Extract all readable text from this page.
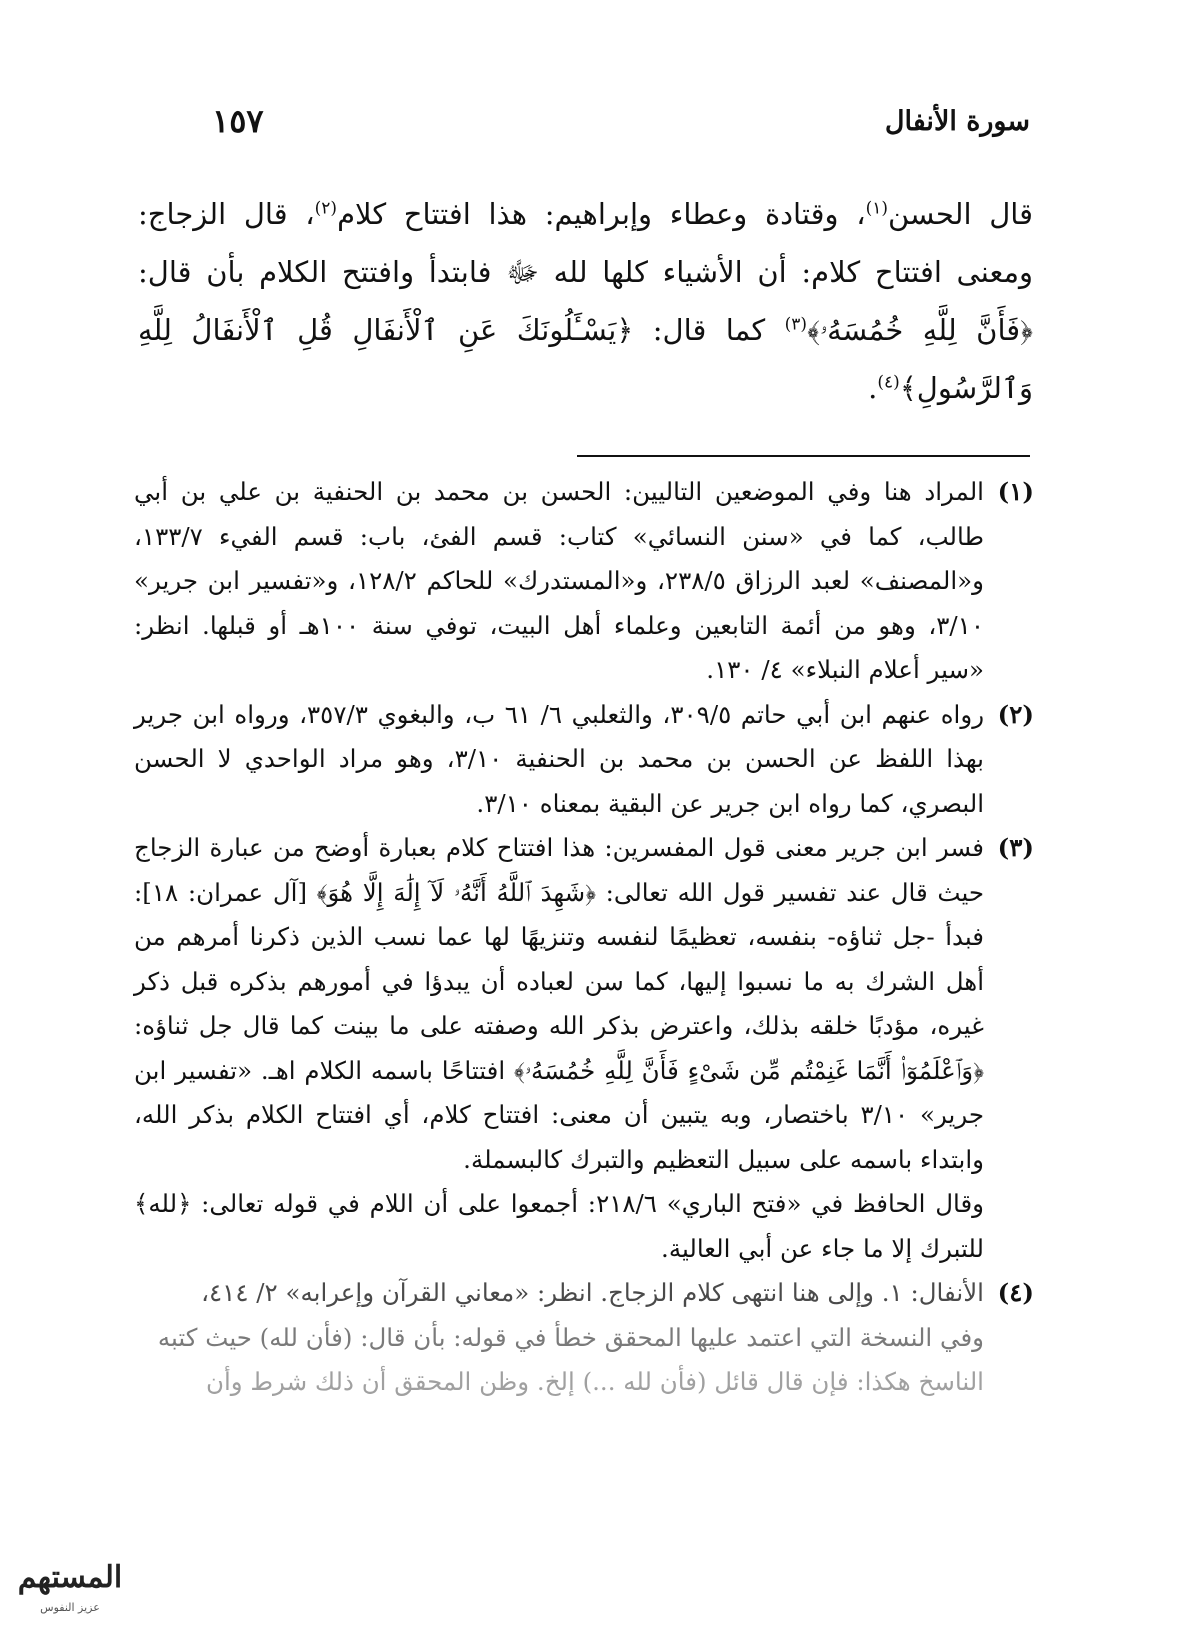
سورة الأنفال
١٥٧

قال الحسن$^{(١)}$، وقتادة وعطاء وإبراهيم: هذا افتتاح كلام$^{(٢)}$، قال الزجاج: ومعنى افتتاح كلام: أن الأشياء كلها لله ﷻ فابتدأ وافتتح الكلام بأن قال: ﴿فَأَنَّ لِلَّهِ خُمُسَهُۥ﴾$^{(٣)}$ كما قال: ﴿يَسْـَٔلُونَكَ عَنِ ٱلْأَنفَالِ قُلِ ٱلْأَنفَالُ لِلَّهِ وَٱلرَّسُولِ﴾$^{(٤)}$.

(١)

المراد هنا وفي الموضعين التاليين: الحسن بن محمد بن الحنفية بن علي بن أبي طالب، كما في «سنن النسائي» كتاب: قسم الفئ، باب: قسم الفيء ١٣٣/٧، و«المصنف» لعبد الرزاق ٢٣٨/٥، و«المستدرك» للحاكم ١٢٨/٢، و«تفسير ابن جرير» ٣/١٠، وهو من أئمة التابعين وعلماء أهل البيت، توفي سنة ١٠٠هـ أو قبلها. انظر: «سير أعلام النبلاء» ٤/ ١٣٠.

(٢)

رواه عنهم ابن أبي حاتم ٣٠٩/٥، والثعلبي ٦/ ٦١ ب، والبغوي ٣٥٧/٣، ورواه ابن جرير بهذا اللفظ عن الحسن بن محمد بن الحنفية ٣/١٠، وهو مراد الواحدي لا الحسن البصري، كما رواه ابن جرير عن البقية بمعناه ٣/١٠.

(٣)

فسر ابن جرير معنى قول المفسرين: هذا افتتاح كلام بعبارة أوضح من عبارة الزجاج حيث قال عند تفسير قول الله تعالى: ﴿شَهِدَ ٱللَّهُ أَنَّهُۥ لَآ إِلَٰهَ إِلَّا هُوَ﴾ [آل عمران: ١٨]: فبدأ -جل ثناؤه- بنفسه، تعظيمًا لنفسه وتنزيهًا لها عما نسب الذين ذكرنا أمرهم من أهل الشرك به ما نسبوا إليها، كما سن لعباده أن يبدؤا في أمورهم بذكره قبل ذكر غيره، مؤدبًا خلقه بذلك، واعترض بذكر الله وصفته على ما بينت كما قال جل ثناؤه: ﴿وَٱعْلَمُوٓا۟ أَنَّمَا غَنِمْتُم مِّن شَىْءٍ فَأَنَّ لِلَّهِ خُمُسَهُۥ﴾ افتتاحًا باسمه الكلام اهـ. «تفسير ابن جرير» ٣/١٠ باختصار، وبه يتبين أن معنى: افتتاح كلام، أي افتتاح الكلام بذكر الله، وابتداء باسمه على سبيل التعظيم والتبرك كالبسملة.

وقال الحافظ في «فتح الباري» ٢١٨/٦: أجمعوا على أن اللام في قوله تعالى: ﴿لله﴾ للتبرك إلا ما جاء عن أبي العالية.

(٤)

الأنفال: ١. وإلى هنا انتهى كلام الزجاج. انظر: «معاني القرآن وإعرابه» ٢/ ٤١٤،

وفي النسخة التي اعتمد عليها المحقق خطأ في قوله: بأن قال: (فأن لله) حيث كتبه

الناسخ هكذا: فإن قال قائل (فأن لله ...) إلخ. وظن المحقق أن ذلك شرط وأن

المستهم
عزيز النفوس
